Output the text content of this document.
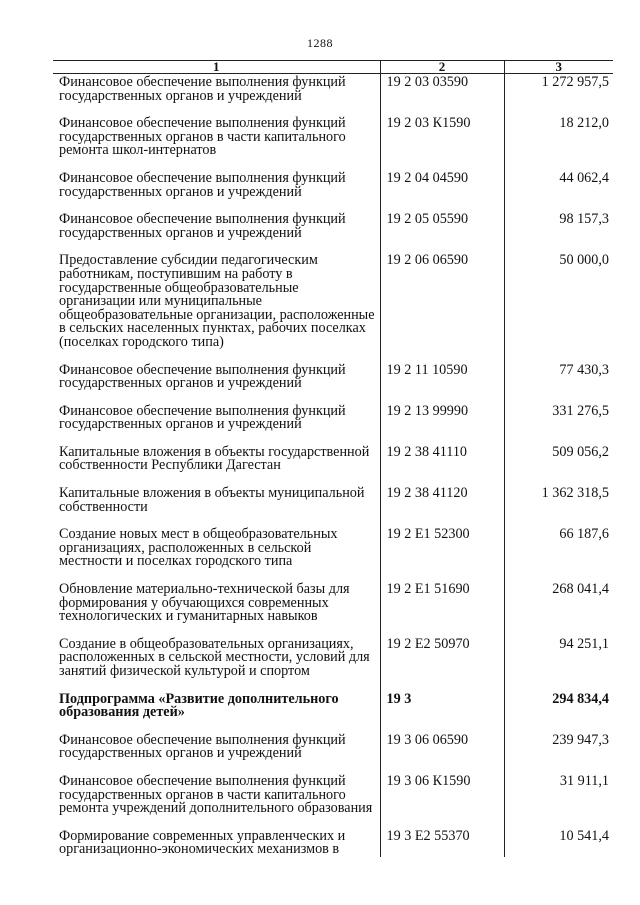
1288
1	2	3
Финансовое обеспечение выполнения функций государственных органов и учреждений	19 2 03 03590	1 272 957,5
Финансовое обеспечение выполнения функций государственных органов в части капитального ремонта школ-интернатов	19 2 03 К1590	18 212,0
Финансовое обеспечение выполнения функций государственных органов и учреждений	19 2 04 04590	44 062,4
Финансовое обеспечение выполнения функций государственных органов и учреждений	19 2 05 05590	98 157,3
Предоставление субсидии педагогическим работникам, поступившим на работу в государственные общеобразовательные организации или муниципальные общеобразовательные организации, расположенные в сельских населенных пунктах, рабочих поселках (поселках городского типа)	19 2 06 06590	50 000,0
Финансовое обеспечение выполнения функций государственных органов и учреждений	19 2 11 10590	77 430,3
Финансовое обеспечение выполнения функций государственных органов и учреждений	19 2 13 99990	331 276,5
Капитальные вложения в объекты государственной собственности Республики Дагестан	19 2 38 41110	509 056,2
Капитальные вложения в объекты муниципальной собственности	19 2 38 41120	1 362 318,5
Создание новых мест в общеобразовательных организациях, расположенных в сельской местности и поселках городского типа	19 2 Е1 52300	66 187,6
Обновление материально-технической базы для формирования у обучающихся современных технологических и гуманитарных навыков	19 2 Е1 51690	268 041,4
Создание в общеобразовательных организациях, расположенных в сельской местности, условий для занятий физической культурой и спортом	19 2 Е2 50970	94 251,1
Подпрограмма «Развитие дополнительного образования детей»	19 3	294 834,4
Финансовое обеспечение выполнения функций государственных органов и учреждений	19 3 06 06590	239 947,3
Финансовое обеспечение выполнения функций государственных органов в части капитального ремонта учреждений дополнительного образования	19 3 06 К1590	31 911,1
Формирование современных управленческих и организационно-экономических механизмов в	19 3 Е2 55370	10 541,4
